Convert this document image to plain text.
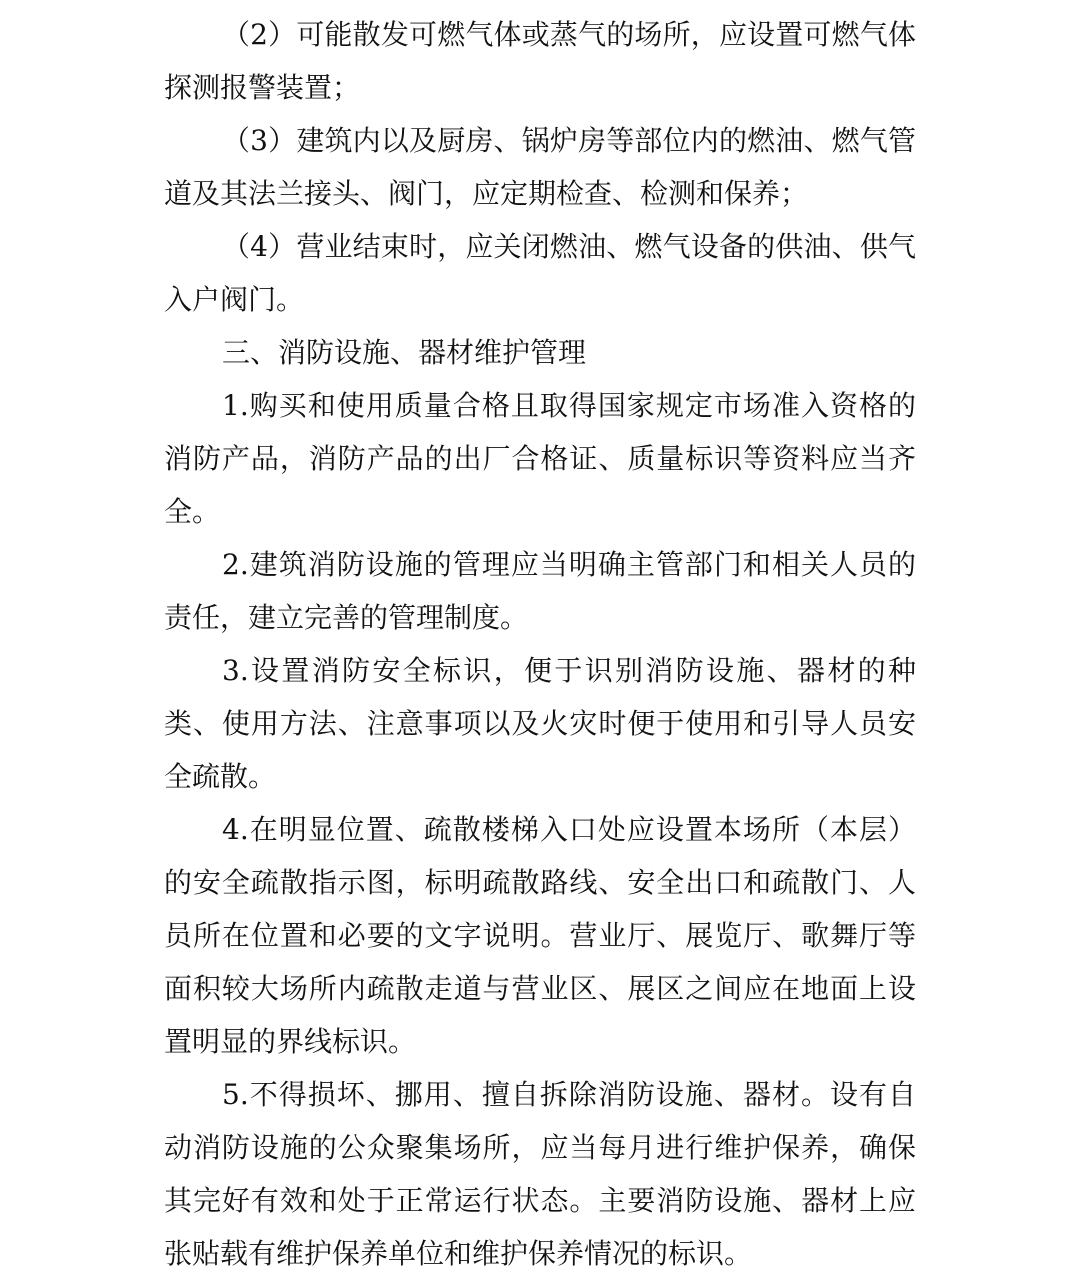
（2）可能散发可燃气体或蒸气的场所，应设置可燃气体探测报警装置；

（3）建筑内以及厨房、锅炉房等部位内的燃油、燃气管道及其法兰接头、阀门，应定期检查、检测和保养；

（4）营业结束时，应关闭燃油、燃气设备的供油、供气入户阀门。

三、消防设施、器材维护管理

1.购买和使用质量合格且取得国家规定市场准入资格的消防产品，消防产品的出厂合格证、质量标识等资料应当齐全。

2.建筑消防设施的管理应当明确主管部门和相关人员的责任，建立完善的管理制度。

3.设置消防安全标识，便于识别消防设施、器材的种类、使用方法、注意事项以及火灾时便于使用和引导人员安全疏散。

4.在明显位置、疏散楼梯入口处应设置本场所（本层）的安全疏散指示图，标明疏散路线、安全出口和疏散门、人员所在位置和必要的文字说明。营业厅、展览厅、歌舞厅等面积较大场所内疏散走道与营业区、展区之间应在地面上设置明显的界线标识。

5.不得损坏、挪用、擅自拆除消防设施、器材。设有自动消防设施的公众聚集场所，应当每月进行维护保养，确保其完好有效和处于正常运行状态。主要消防设施、器材上应张贴载有维护保养单位和维护保养情况的标识。
